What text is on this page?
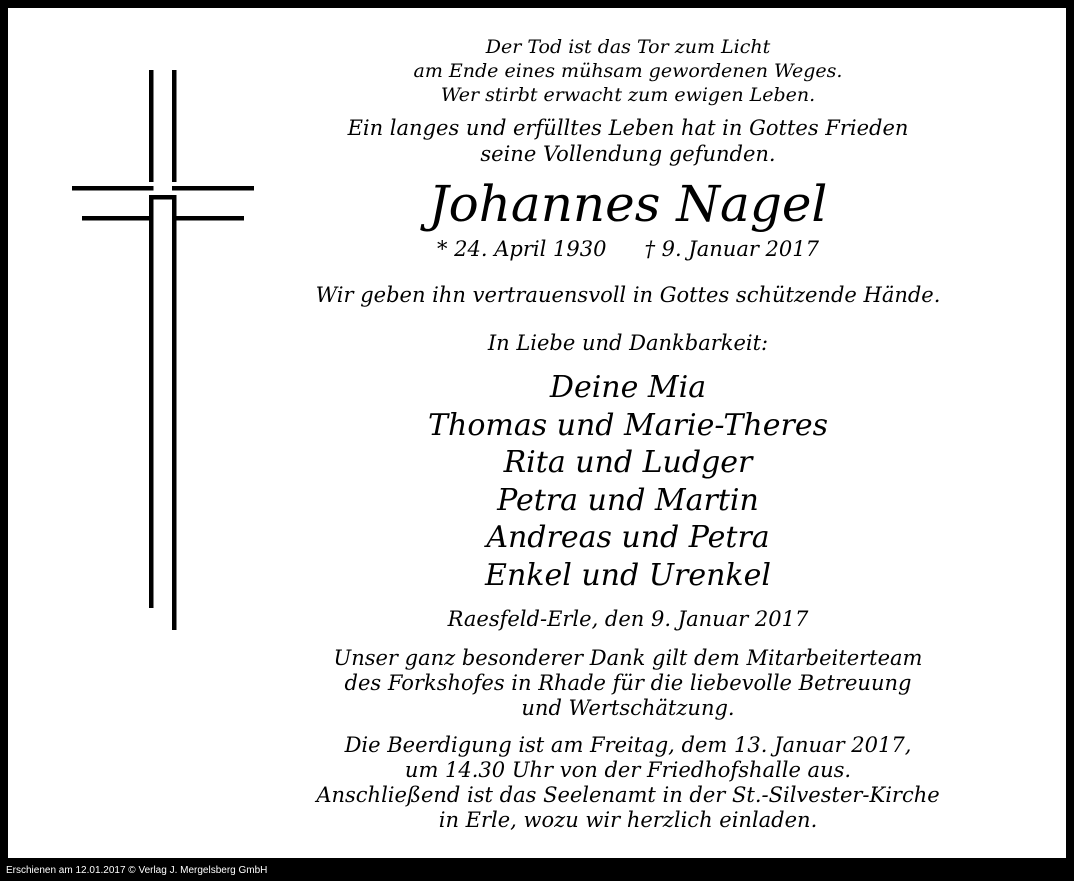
Der Tod ist das Tor zum Licht
am Ende eines mühsam gewordenen Weges.
Wer stirbt erwacht zum ewigen Leben.
Ein langes und erfülltes Leben hat in Gottes Frieden
seine Vollendung gefunden.
Johannes Nagel
* 24. April 1930 † 9. Januar 2017
Wir geben ihn vertrauensvoll in Gottes schützende Hände.
In Liebe und Dankbarkeit:
Deine Mia
Thomas und Marie-Theres
Rita und Ludger
Petra und Martin
Andreas und Petra
Enkel und Urenkel
Raesfeld-Erle, den 9. Januar 2017
Unser ganz besonderer Dank gilt dem Mitarbeiterteam
des Forkshofes in Rhade für die liebevolle Betreuung
und Wertschätzung.
Die Beerdigung ist am Freitag, dem 13. Januar 2017,
um 14.30 Uhr von der Friedhofshalle aus.
Anschließend ist das Seelenamt in der St.-Silvester-Kirche
in Erle, wozu wir herzlich einladen.
Erschienen am 12.01.2017 © Verlag J. Mergelsberg GmbH
